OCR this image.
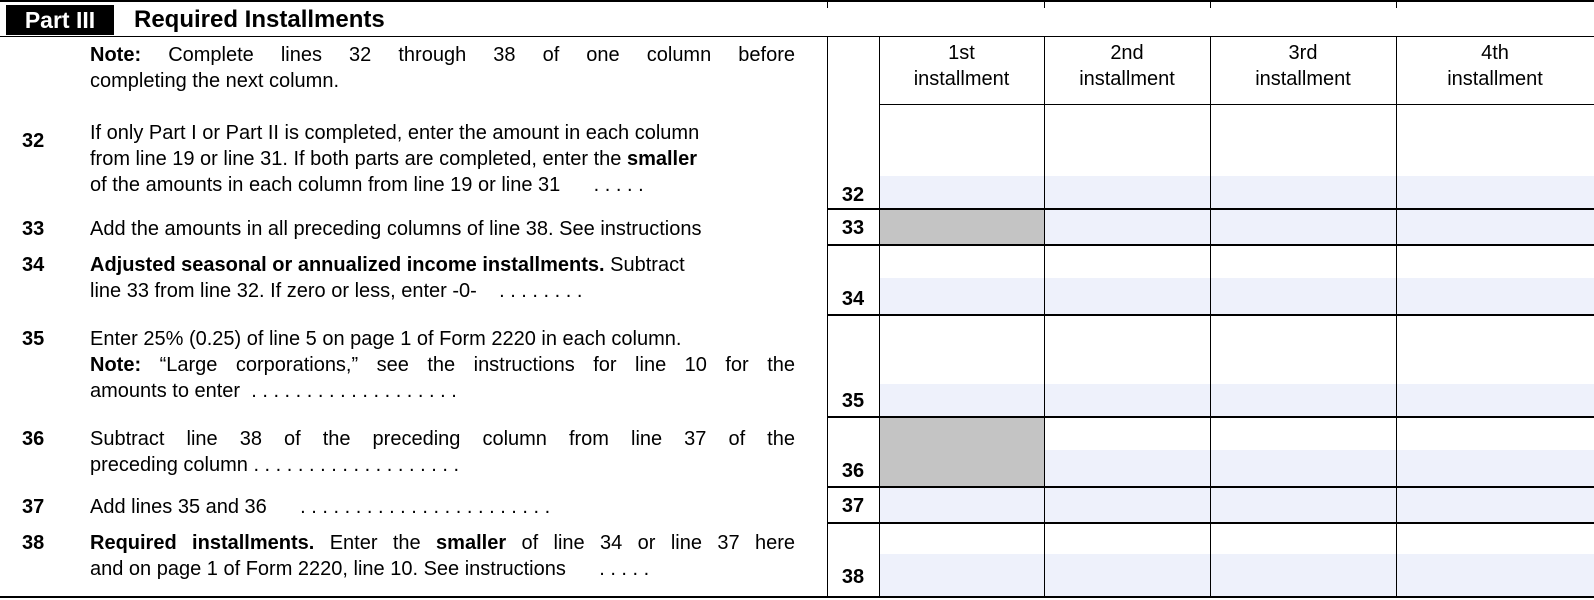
Part III	Required Installments
Note: Complete lines 32 through 38 of one column before
completing the next column.
32 If only Part I or Part II is completed, enter the amount in each column
from line 19 or line 31. If both parts are completed, enter the smaller
of the amounts in each column from line 19 or line 31 . . . . .
33 Add the amounts in all preceding columns of line 38. See instructions
34 Adjusted seasonal or annualized income installments. Subtract
line 33 from line 32. If zero or less, enter -0- . . . . . . . .
35 Enter 25% (0.25) of line 5 on page 1 of Form 2220 in each column.
Note: “Large corporations,” see the instructions for line 10 for the
amounts to enter . . . . . . . . . . . . . . . . . . .
36 Subtract line 38 of the preceding column from line 37 of the
preceding column . . . . . . . . . . . . . . . . . . .
37 Add lines 35 and 36 . . . . . . . . . . . . . . . . . . . . . . .
38 Required installments. Enter the smaller of line 34 or line 37 here
and on page 1 of Form 2220, line 10. See instructions . . . . .
1st
installment
2nd
installment
3rd
installment
4th
installment
32
33
34
35
36
37
38
